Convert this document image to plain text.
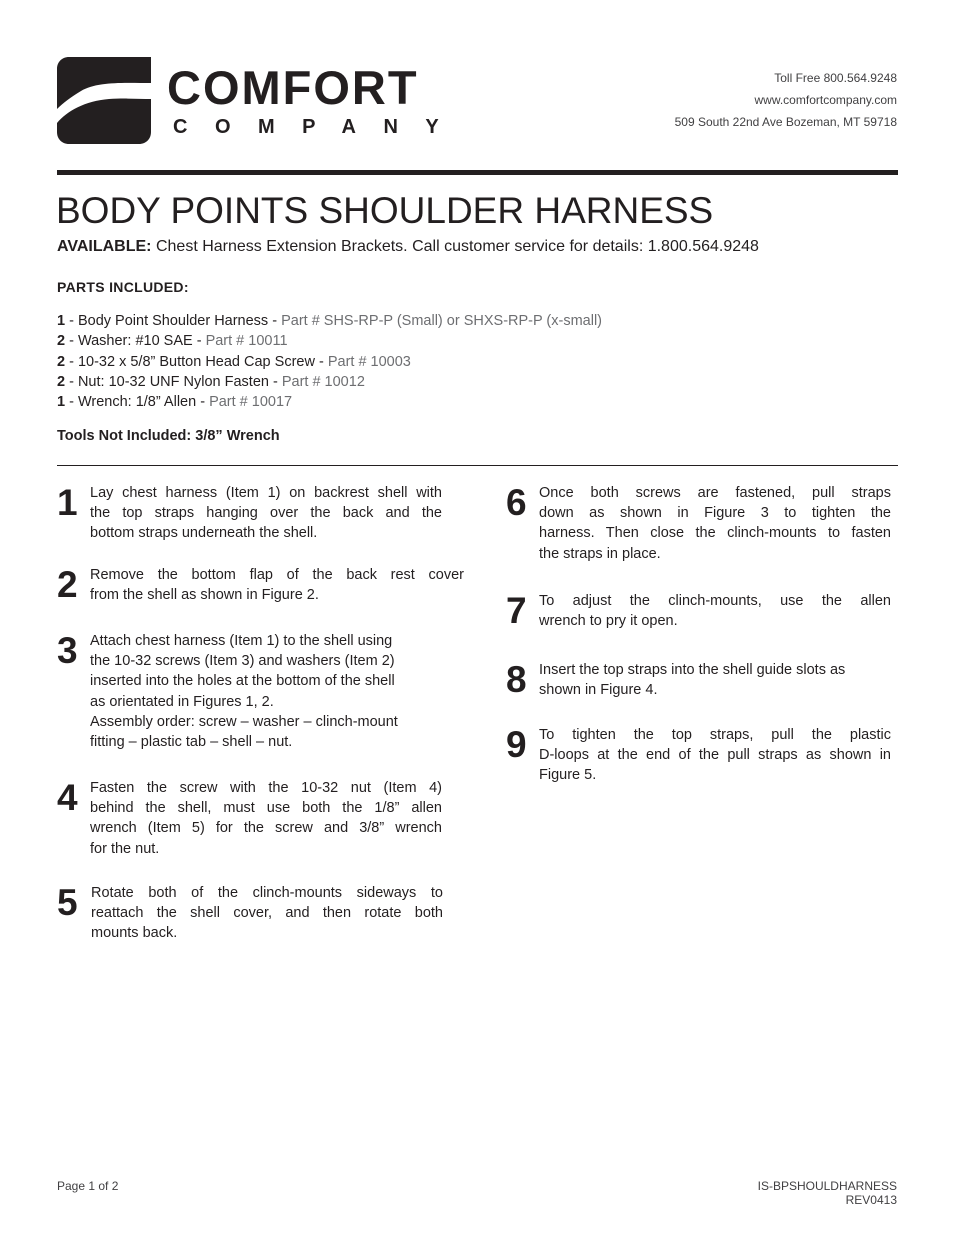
COMFORT
COMPANY
Toll Free 800.564.9248
www.comfortcompany.com
509 South 22nd Ave Bozeman, MT 59718
BODY POINTS SHOULDER HARNESS
AVAILABLE: Chest Harness Extension Brackets. Call customer service for details: 1.800.564.9248
PARTS INCLUDED:
1 - Body Point Shoulder Harness - Part # SHS-RP-P (Small) or SHXS-RP-P (x-small)
2 - Washer: #10 SAE - Part # 10011
2 - 10-32 x 5/8” Button Head Cap Screw - Part # 10003
2 - Nut: 10-32 UNF Nylon Fasten - Part # 10012
1 - Wrench: 1/8” Allen - Part # 10017
Tools Not Included: 3/8” Wrench
1 Lay chest harness (Item 1) on backrest shell with
the top straps hanging over the back and the
bottom straps underneath the shell.
2 Remove the bottom flap of the back rest cover
from the shell as shown in Figure 2.
3 Attach chest harness (Item 1) to the shell using
the 10-32 screws (Item 3) and washers (Item 2)
inserted into the holes at the bottom of the shell
as orientated in Figures 1, 2.
Assembly order: screw – washer – clinch-mount
fitting – plastic tab – shell – nut.
4 Fasten the screw with the 10-32 nut (Item 4)
behind the shell, must use both the 1/8” allen
wrench (Item 5) for the screw and 3/8” wrench
for the nut.
5 Rotate both of the clinch-mounts sideways to
reattach the shell cover, and then rotate both
mounts back.
6 Once both screws are fastened, pull straps
down as shown in Figure 3 to tighten the
harness. Then close the clinch-mounts to fasten
the straps in place.
7 To adjust the clinch-mounts, use the allen
wrench to pry it open.
8 Insert the top straps into the shell guide slots as
shown in Figure 4.
9 To tighten the top straps, pull the plastic
D-loops at the end of the pull straps as shown in
Figure 5.
Page 1 of 2	IS-BPSHOULDHARNESS
REV0413
